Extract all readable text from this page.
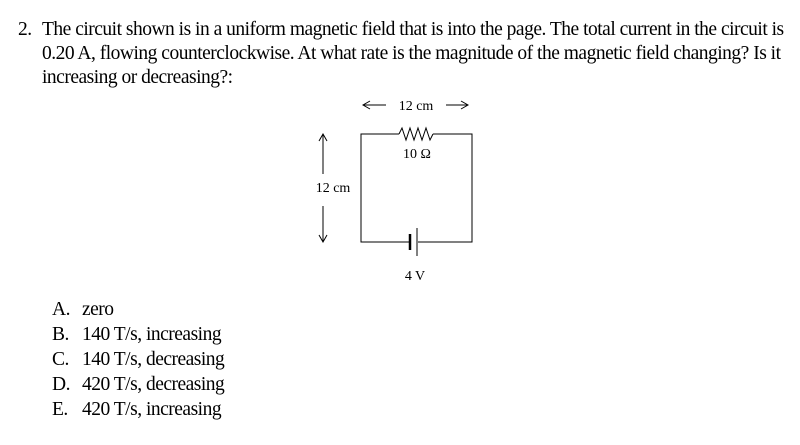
2. The circuit shown is in a uniform magnetic field that is into the page. The total current in the circuit is 0.20 A, flowing counterclockwise. At what rate is the magnitude of the magnetic field changing? Is it increasing or decreasing?:
12 cm
12 cm
10 Ω
4 V
A. zero
B. 140 T/s, increasing
C. 140 T/s, decreasing
D. 420 T/s, decreasing
E. 420 T/s, increasing
